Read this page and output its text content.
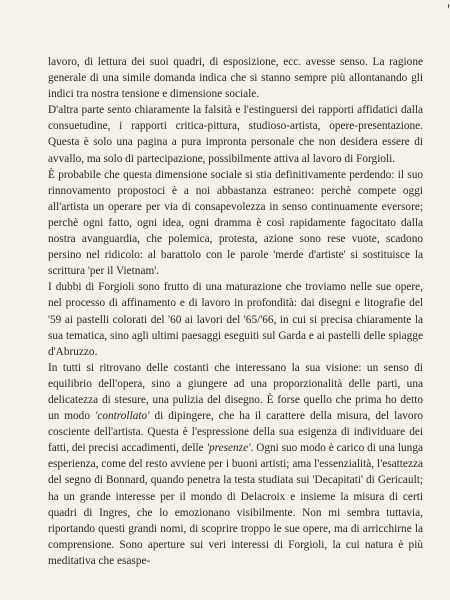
'

lavoro, di lettura dei suoi quadri, di esposizione, ecc. avesse senso. La ragione generale di una simile domanda indica che si stanno sempre più allontanando gli indici tra nostra tensione e dimensione sociale.

D'altra parte sento chiaramente la falsità e l'estinguersi dei rapporti affidatici dalla consuetudine, i rapporti critica-pittura, studioso-artista, opere-presentazione. Questa è solo una pagina a pura impronta personale che non desidera essere di avvallo, ma solo di partecipazione, possibilmente attiva al lavoro di Forgioli.

È probabile che questa dimensione sociale si stia definitivamente perdendo: il suo rinnovamento propostoci è a noi abbastanza estraneo: perchè compete oggi all'artista un operare per via di consapevolezza in senso continuamente eversore; perchè ogni fatto, ogni idea, ogni dramma è così rapidamente fagocitato dalla nostra avanguardia, che polemica, protesta, azione sono rese vuote, scadono persino nel ridicolo: al barattolo con le parole 'merde d'artiste' si sostituisce la scrittura 'per il Vietnam'.

I dubbi di Forgioli sono frutto di una maturazione che troviamo nelle sue opere, nel processo di affinamento e di lavoro in profondità: dai disegni e litografie del '59 ai pastelli colorati del '60 ai lavori del '65/'66, in cui si precisa chiaramente la sua tematica, sino agli ultimi paesaggi eseguiti sul Garda e ai pastelli delle spiagge d'Abruzzo.

In tutti si ritrovano delle costanti che interessano la sua visione: un senso di equilibrio dell'opera, sino a giungere ad una proporzionalità delle parti, una delicatezza di stesure, una pulizia del disegno. È forse quello che prima ho detto un modo 'controllato' di dipingere, che ha il carattere della misura, del lavoro cosciente dell'artista. Questa è l'espressione della sua esigenza di individuare dei fatti, dei precisi accadimenti, delle 'presenze'. Ogni suo modo è carico di una lunga esperienza, come del resto avviene per i buoni artisti; ama l'essenzialità, l'esattezza del segno di Bonnard, quando penetra la testa studiata sui 'Decapitati' di Gericault; ha un grande interesse per il mondo di Delacroix e insieme la misura di certi quadri di Ingres, che lo emozionano visibilmente. Non mi sembra tuttavia, riportando questi grandi nomi, di scoprire troppo le sue opere, ma di arricchirne la comprensione. Sono aperture sui veri interessi di Forgioli, la cui natura è più meditativa che esaspe-
